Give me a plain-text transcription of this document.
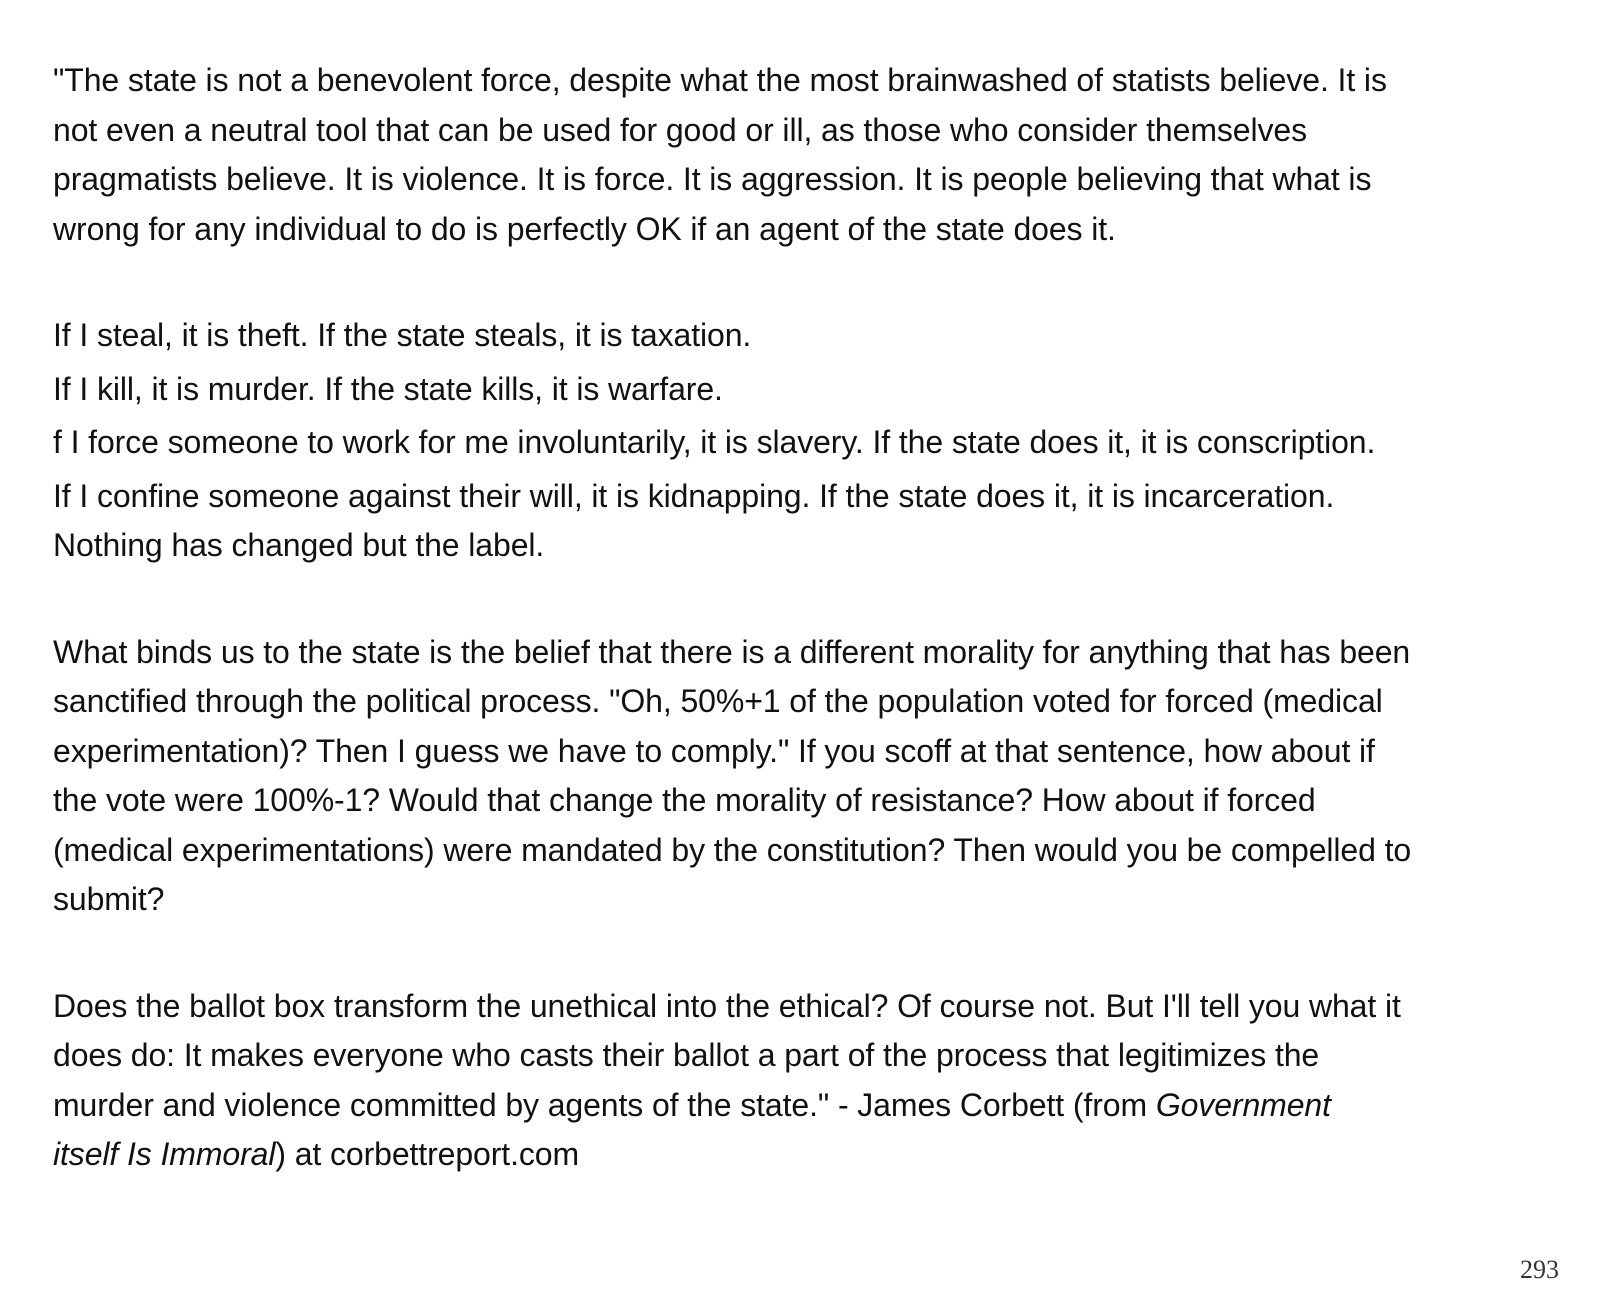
"The state is not a benevolent force, despite what the most brainwashed of statists believe. It is
not even a neutral tool that can be used for good or ill, as those who consider themselves
pragmatists believe. It is violence. It is force. It is aggression. It is people believing that what is
wrong for any individual to do is perfectly OK if an agent of the state does it.

If I steal, it is theft. If the state steals, it is taxation.
If I kill, it is murder. If the state kills, it is warfare.
f I force someone to work for me involuntarily, it is slavery. If the state does it, it is conscription.
If I confine someone against their will, it is kidnapping. If the state does it, it is incarceration.
Nothing has changed but the label.

What binds us to the state is the belief that there is a different morality for anything that has been
sanctified through the political process. "Oh, 50%+1 of the population voted for forced (medical
experimentation)? Then I guess we have to comply." If you scoff at that sentence, how about if
the vote were 100%-1? Would that change the morality of resistance? How about if forced
(medical experimentations) were mandated by the constitution? Then would you be compelled to
submit?

Does the ballot box transform the unethical into the ethical? Of course not. But I'll tell you what it
does do: It makes everyone who casts their ballot a part of the process that legitimizes the
murder and violence committed by agents of the state." - James Corbett (from Government
itself Is Immoral) at corbettreport.com

293
